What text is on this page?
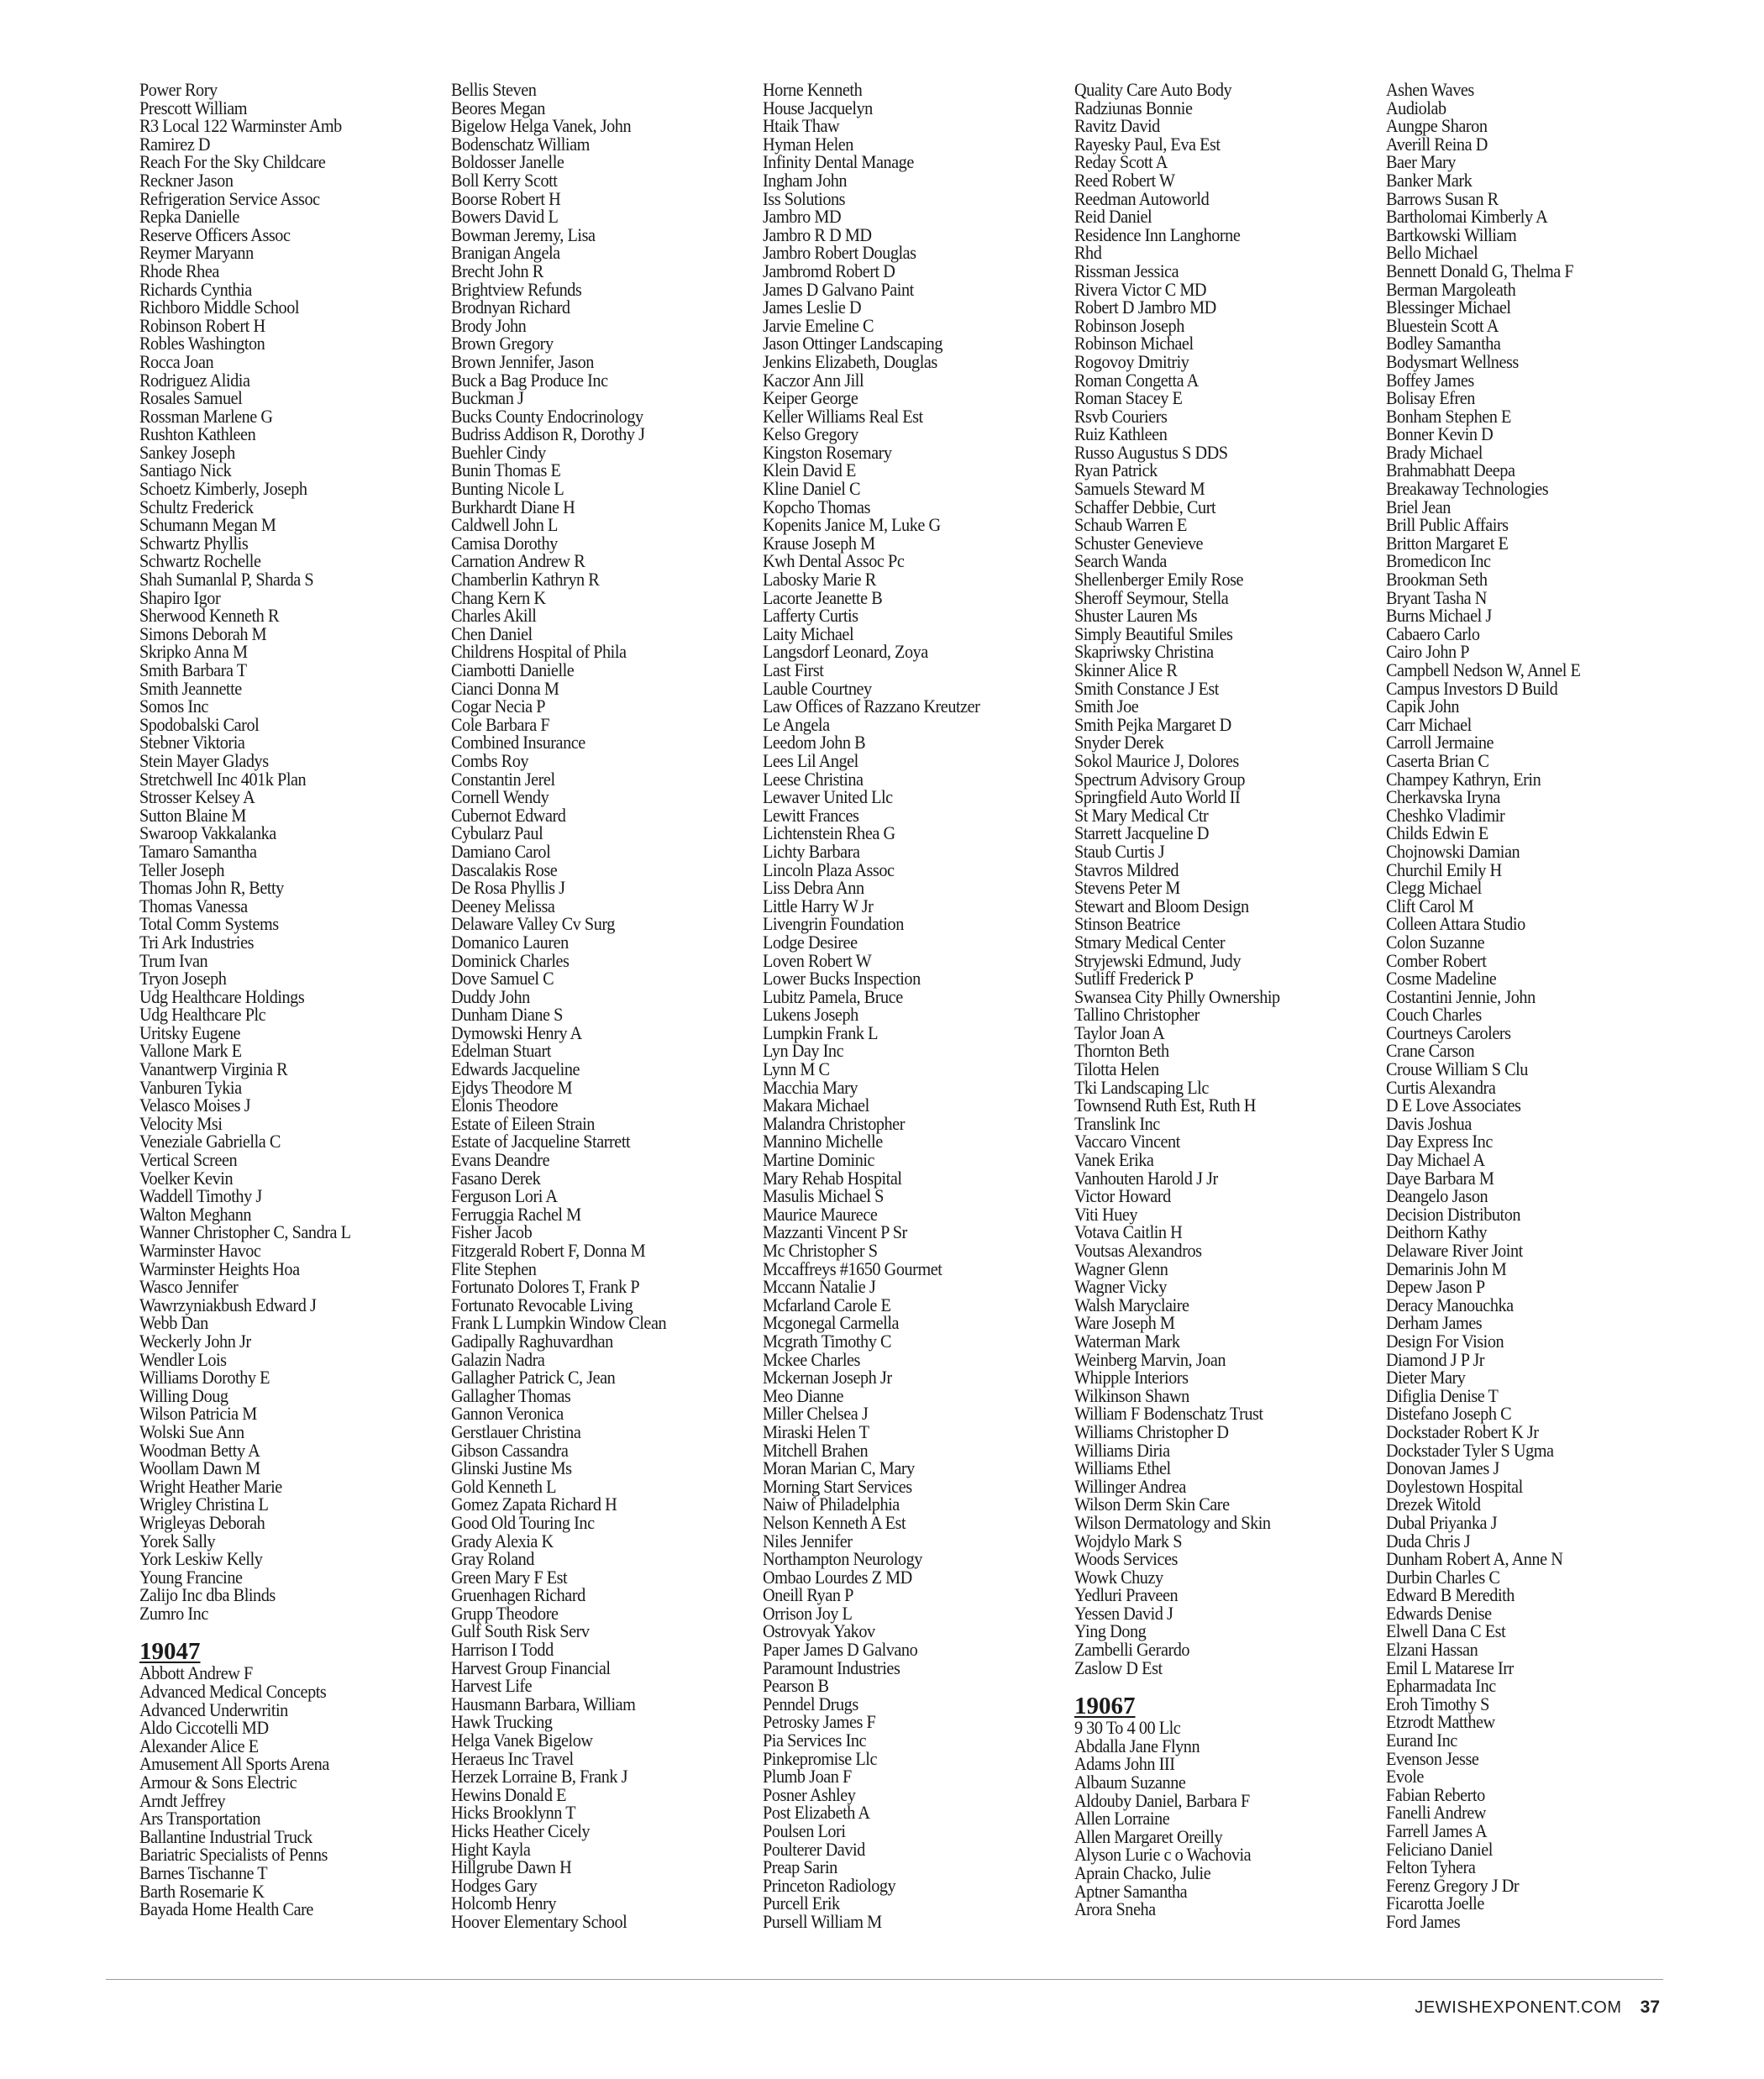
Power Rory
Prescott William
R3 Local 122 Warminster Amb
Ramirez D
Reach For the Sky Childcare
Reckner Jason
Refrigeration Service Assoc
Repka Danielle
Reserve Officers Assoc
Reymer Maryann
Rhode Rhea
Richards Cynthia
Richboro Middle School
Robinson Robert H
Robles Washington
Rocca Joan
Rodriguez Alidia
Rosales Samuel
Rossman Marlene G
Rushton Kathleen
Sankey Joseph
Santiago Nick
Schoetz Kimberly, Joseph
Schultz Frederick
Schumann Megan M
Schwartz Phyllis
Schwartz Rochelle
Shah Sumanlal P, Sharda S
Shapiro Igor
Sherwood Kenneth R
Simons Deborah M
Skripko Anna M
Smith Barbara T
Smith Jeannette
Somos Inc
Spodobalski Carol
Stebner Viktoria
Stein Mayer Gladys
Stretchwell Inc 401k Plan
Strosser Kelsey A
Sutton Blaine M
Swaroop Vakkalanka
Tamaro Samantha
Teller Joseph
Thomas John R, Betty
Thomas Vanessa
Total Comm Systems
Tri Ark Industries
Trum Ivan
Tryon Joseph
Udg Healthcare Holdings
Udg Healthcare Plc
Uritsky Eugene
Vallone Mark E
Vanantwerp Virginia R
Vanburen Tykia
Velasco Moises J
Velocity Msi
Veneziale Gabriella C
Vertical Screen
Voelker Kevin
Waddell Timothy J
Walton Meghann
Wanner Christopher C, Sandra L
Warminster Havoc
Warminster Heights Hoa
Wasco Jennifer
Wawrzyniakbush Edward J
Webb Dan
Weckerly John Jr
Wendler Lois
Williams Dorothy E
Willing Doug
Wilson Patricia M
Wolski Sue Ann
Woodman Betty A
Woollam Dawn M
Wright Heather Marie
Wrigley Christina L
Wrigleyas Deborah
Yorek Sally
York Leskiw Kelly
Young Francine
Zalijo Inc dba Blinds
Zumro Inc
19047
Abbott Andrew F
Advanced Medical Concepts
Advanced Underwritin
Aldo Ciccotelli MD
Alexander Alice E
Amusement All Sports Arena
Armour & Sons Electric
Arndt Jeffrey
Ars Transportation
Ballantine Industrial Truck
Bariatric Specialists of Penns
Barnes Tischanne T
Barth Rosemarie K
Bayada Home Health Care
Bellis Steven
Beores Megan
Bigelow Helga Vanek, John
Bodenschatz William
Boldosser Janelle
Boll Kerry Scott
Boorse Robert H
Bowers David L
Bowman Jeremy, Lisa
Branigan Angela
Brecht John R
Brightview Refunds
Brodnyan Richard
Brody John
Brown Gregory
Brown Jennifer, Jason
Buck a Bag Produce Inc
Buckman J
Bucks County Endocrinology
Budriss Addison R, Dorothy J
Buehler Cindy
Bunin Thomas E
Bunting Nicole L
Burkhardt Diane H
Caldwell John L
Camisa Dorothy
Carnation Andrew R
Chamberlin Kathryn R
Chang Kern K
Charles Akill
Chen Daniel
Childrens Hospital of Phila
Ciambotti Danielle
Cianci Donna M
Cogar Necia P
Cole Barbara F
Combined Insurance
Combs Roy
Constantin Jerel
Cornell Wendy
Cubernot Edward
Cybularz Paul
Damiano Carol
Dascalakis Rose
De Rosa Phyllis J
Deeney Melissa
Delaware Valley Cv Surg
Domanico Lauren
Dominick Charles
Dove Samuel C
Duddy John
Dunham Diane S
Dymowski Henry A
Edelman Stuart
Edwards Jacqueline
Ejdys Theodore M
Elonis Theodore
Estate of Eileen Strain
Estate of Jacqueline Starrett
Evans Deandre
Fasano Derek
Ferguson Lori A
Ferruggia Rachel M
Fisher Jacob
Fitzgerald Robert F, Donna M
Flite Stephen
Fortunato Dolores T, Frank P
Fortunato Revocable Living
Frank L Lumpkin Window Clean
Gadipally Raghuvardhan
Galazin Nadra
Gallagher Patrick C, Jean
Gallagher Thomas
Gannon Veronica
Gerstlauer Christina
Gibson Cassandra
Glinski Justine Ms
Gold Kenneth L
Gomez Zapata Richard H
Good Old Touring Inc
Grady Alexia K
Gray Roland
Green Mary F Est
Gruenhagen Richard
Grupp Theodore
Gulf South Risk Serv
Harrison I Todd
Harvest Group Financial
Harvest Life
Hausmann Barbara, William
Hawk Trucking
Helga Vanek Bigelow
Heraeus Inc Travel
Herzek Lorraine B, Frank J
Hewins Donald E
Hicks Brooklynn T
Hicks Heather Cicely
Hight Kayla
Hillgrube Dawn H
Hodges Gary
Holcomb Henry
Hoover Elementary School
Horne Kenneth
House Jacquelyn
Htaik Thaw
Hyman Helen
Infinity Dental Manage
Ingham John
Iss Solutions
Jambro MD
Jambro R D MD
Jambro Robert Douglas
Jambromd Robert D
James D Galvano Paint
James Leslie D
Jarvie Emeline C
Jason Ottinger Landscaping
Jenkins Elizabeth, Douglas
Kaczor Ann Jill
Keiper George
Keller Williams Real Est
Kelso Gregory
Kingston Rosemary
Klein David E
Kline Daniel C
Kopcho Thomas
Kopenits Janice M, Luke G
Krause Joseph M
Kwh Dental Assoc Pc
Labosky Marie R
Lacorte Jeanette B
Lafferty Curtis
Laity Michael
Langsdorf Leonard, Zoya
Last First
Lauble Courtney
Law Offices of Razzano Kreutzer
Le Angela
Leedom John B
Lees Lil Angel
Leese Christina
Lewaver United Llc
Lewitt Frances
Lichtenstein Rhea G
Lichty Barbara
Lincoln Plaza Assoc
Liss Debra Ann
Little Harry W Jr
Livengrin Foundation
Lodge Desiree
Loven Robert W
Lower Bucks Inspection
Lubitz Pamela, Bruce
Lukens Joseph
Lumpkin Frank L
Lyn Day Inc
Lynn M C
Macchia Mary
Makara Michael
Malandra Christopher
Mannino Michelle
Martine Dominic
Mary Rehab Hospital
Masulis Michael S
Maurice Maurece
Mazzanti Vincent P Sr
Mc Christopher S
Mccaffreys #1650 Gourmet
Mccann Natalie J
Mcfarland Carole E
Mcgonegal Carmella
Mcgrath Timothy C
Mckee Charles
Mckernan Joseph Jr
Meo Dianne
Miller Chelsea J
Miraski Helen T
Mitchell Brahen
Moran Marian C, Mary
Morning Start Services
Naiw of Philadelphia
Nelson Kenneth A Est
Niles Jennifer
Northampton Neurology
Ombao Lourdes Z MD
Oneill Ryan P
Orrison Joy L
Ostrovyak Yakov
Paper James D Galvano
Paramount Industries
Pearson B
Penndel Drugs
Petrosky James F
Pia Services Inc
Pinkepromise Llc
Plumb Joan F
Posner Ashley
Post Elizabeth A
Poulsen Lori
Poulterer David
Preap Sarin
Princeton Radiology
Purcell Erik
Pursell William M
Quality Care Auto Body
Radziunas Bonnie
Ravitz David
Rayesky Paul, Eva Est
Reday Scott A
Reed Robert W
Reedman Autoworld
Reid Daniel
Residence Inn Langhorne
Rhd
Rissman Jessica
Rivera Victor C MD
Robert D Jambro MD
Robinson Joseph
Robinson Michael
Rogovoy Dmitriy
Roman Congetta A
Roman Stacey E
Rsvb Couriers
Ruiz Kathleen
Russo Augustus S DDS
Ryan Patrick
Samuels Steward M
Schaffer Debbie, Curt
Schaub Warren E
Schuster Genevieve
Search Wanda
Shellenberger Emily Rose
Sheroff Seymour, Stella
Shuster Lauren Ms
Simply Beautiful Smiles
Skapriwsky Christina
Skinner Alice R
Smith Constance J Est
Smith Joe
Smith Pejka Margaret D
Snyder Derek
Sokol Maurice J, Dolores
Spectrum Advisory Group
Springfield Auto World II
St Mary Medical Ctr
Starrett Jacqueline D
Staub Curtis J
Stavros Mildred
Stevens Peter M
Stewart and Bloom Design
Stinson Beatrice
Stmary Medical Center
Stryjewski Edmund, Judy
Sutliff Frederick P
Swansea City Philly Ownership
Tallino Christopher
Taylor Joan A
Thornton Beth
Tilotta Helen
Tki Landscaping Llc
Townsend Ruth Est, Ruth H
Translink Inc
Vaccaro Vincent
Vanek Erika
Vanhouten Harold J Jr
Victor Howard
Viti Huey
Votava Caitlin H
Voutsas Alexandros
Wagner Glenn
Wagner Vicky
Walsh Maryclaire
Ware Joseph M
Waterman Mark
Weinberg Marvin, Joan
Whipple Interiors
Wilkinson Shawn
William F Bodenschatz Trust
Williams Christopher D
Williams Diria
Williams Ethel
Willinger Andrea
Wilson Derm Skin Care
Wilson Dermatology and Skin
Wojdylo Mark S
Woods Services
Wowk Chuzy
Yedluri Praveen
Yessen David J
Ying Dong
Zambelli Gerardo
Zaslow D Est
19067
9 30 To 4 00 Llc
Abdalla Jane Flynn
Adams John III
Albaum Suzanne
Aldouby Daniel, Barbara F
Allen Lorraine
Allen Margaret Oreilly
Alyson Lurie c o Wachovia
Aprain Chacko, Julie
Aptner Samantha
Arora Sneha
Ashen Waves
Audiolab
Aungpe Sharon
Averill Reina D
Baer Mary
Banker Mark
Barrows Susan R
Bartholomai Kimberly A
Bartkowski William
Bello Michael
Bennett Donald G, Thelma F
Berman Margoleath
Blessinger Michael
Bluestein Scott A
Bodley Samantha
Bodysmart Wellness
Boffey James
Bolisay Efren
Bonham Stephen E
Bonner Kevin D
Brady Michael
Brahmabhatt Deepa
Breakaway Technologies
Briel Jean
Brill Public Affairs
Britton Margaret E
Bromedicon Inc
Brookman Seth
Bryant Tasha N
Burns Michael J
Cabaero Carlo
Cairo John P
Campbell Nedson W, Annel E
Campus Investors D Build
Capik John
Carr Michael
Carroll Jermaine
Caserta Brian C
Champey Kathryn, Erin
Cherkavska Iryna
Cheshko Vladimir
Childs Edwin E
Chojnowski Damian
Churchil Emily H
Clegg Michael
Clift Carol M
Colleen Attara Studio
Colon Suzanne
Comber Robert
Cosme Madeline
Costantini Jennie, John
Couch Charles
Courtneys Carolers
Crane Carson
Crouse William S Clu
Curtis Alexandra
D E Love Associates
Davis Joshua
Day Express Inc
Day Michael A
Daye Barbara M
Deangelo Jason
Decision Distributon
Deithorn Kathy
Delaware River Joint
Demarinis John M
Depew Jason P
Deracy Manouchka
Derham James
Design For Vision
Diamond J P Jr
Dieter Mary
Difiglia Denise T
Distefano Joseph C
Dockstader Robert K Jr
Dockstader Tyler S Ugma
Donovan James J
Doylestown Hospital
Drezek Witold
Dubal Priyanka J
Duda Chris J
Dunham Robert A, Anne N
Durbin Charles C
Edward B Meredith
Edwards Denise
Elwell Dana C Est
Elzani Hassan
Emil L Matarese Irr
Epharmadata Inc
Eroh Timothy S
Etzrodt Matthew
Eurand Inc
Evenson Jesse
Evole
Fabian Reberto
Fanelli Andrew
Farrell James A
Feliciano Daniel
Felton Tyhera
Ferenz Gregory J Dr
Ficarotta Joelle
Ford James
JEWISHEXPONENT.COM 37
